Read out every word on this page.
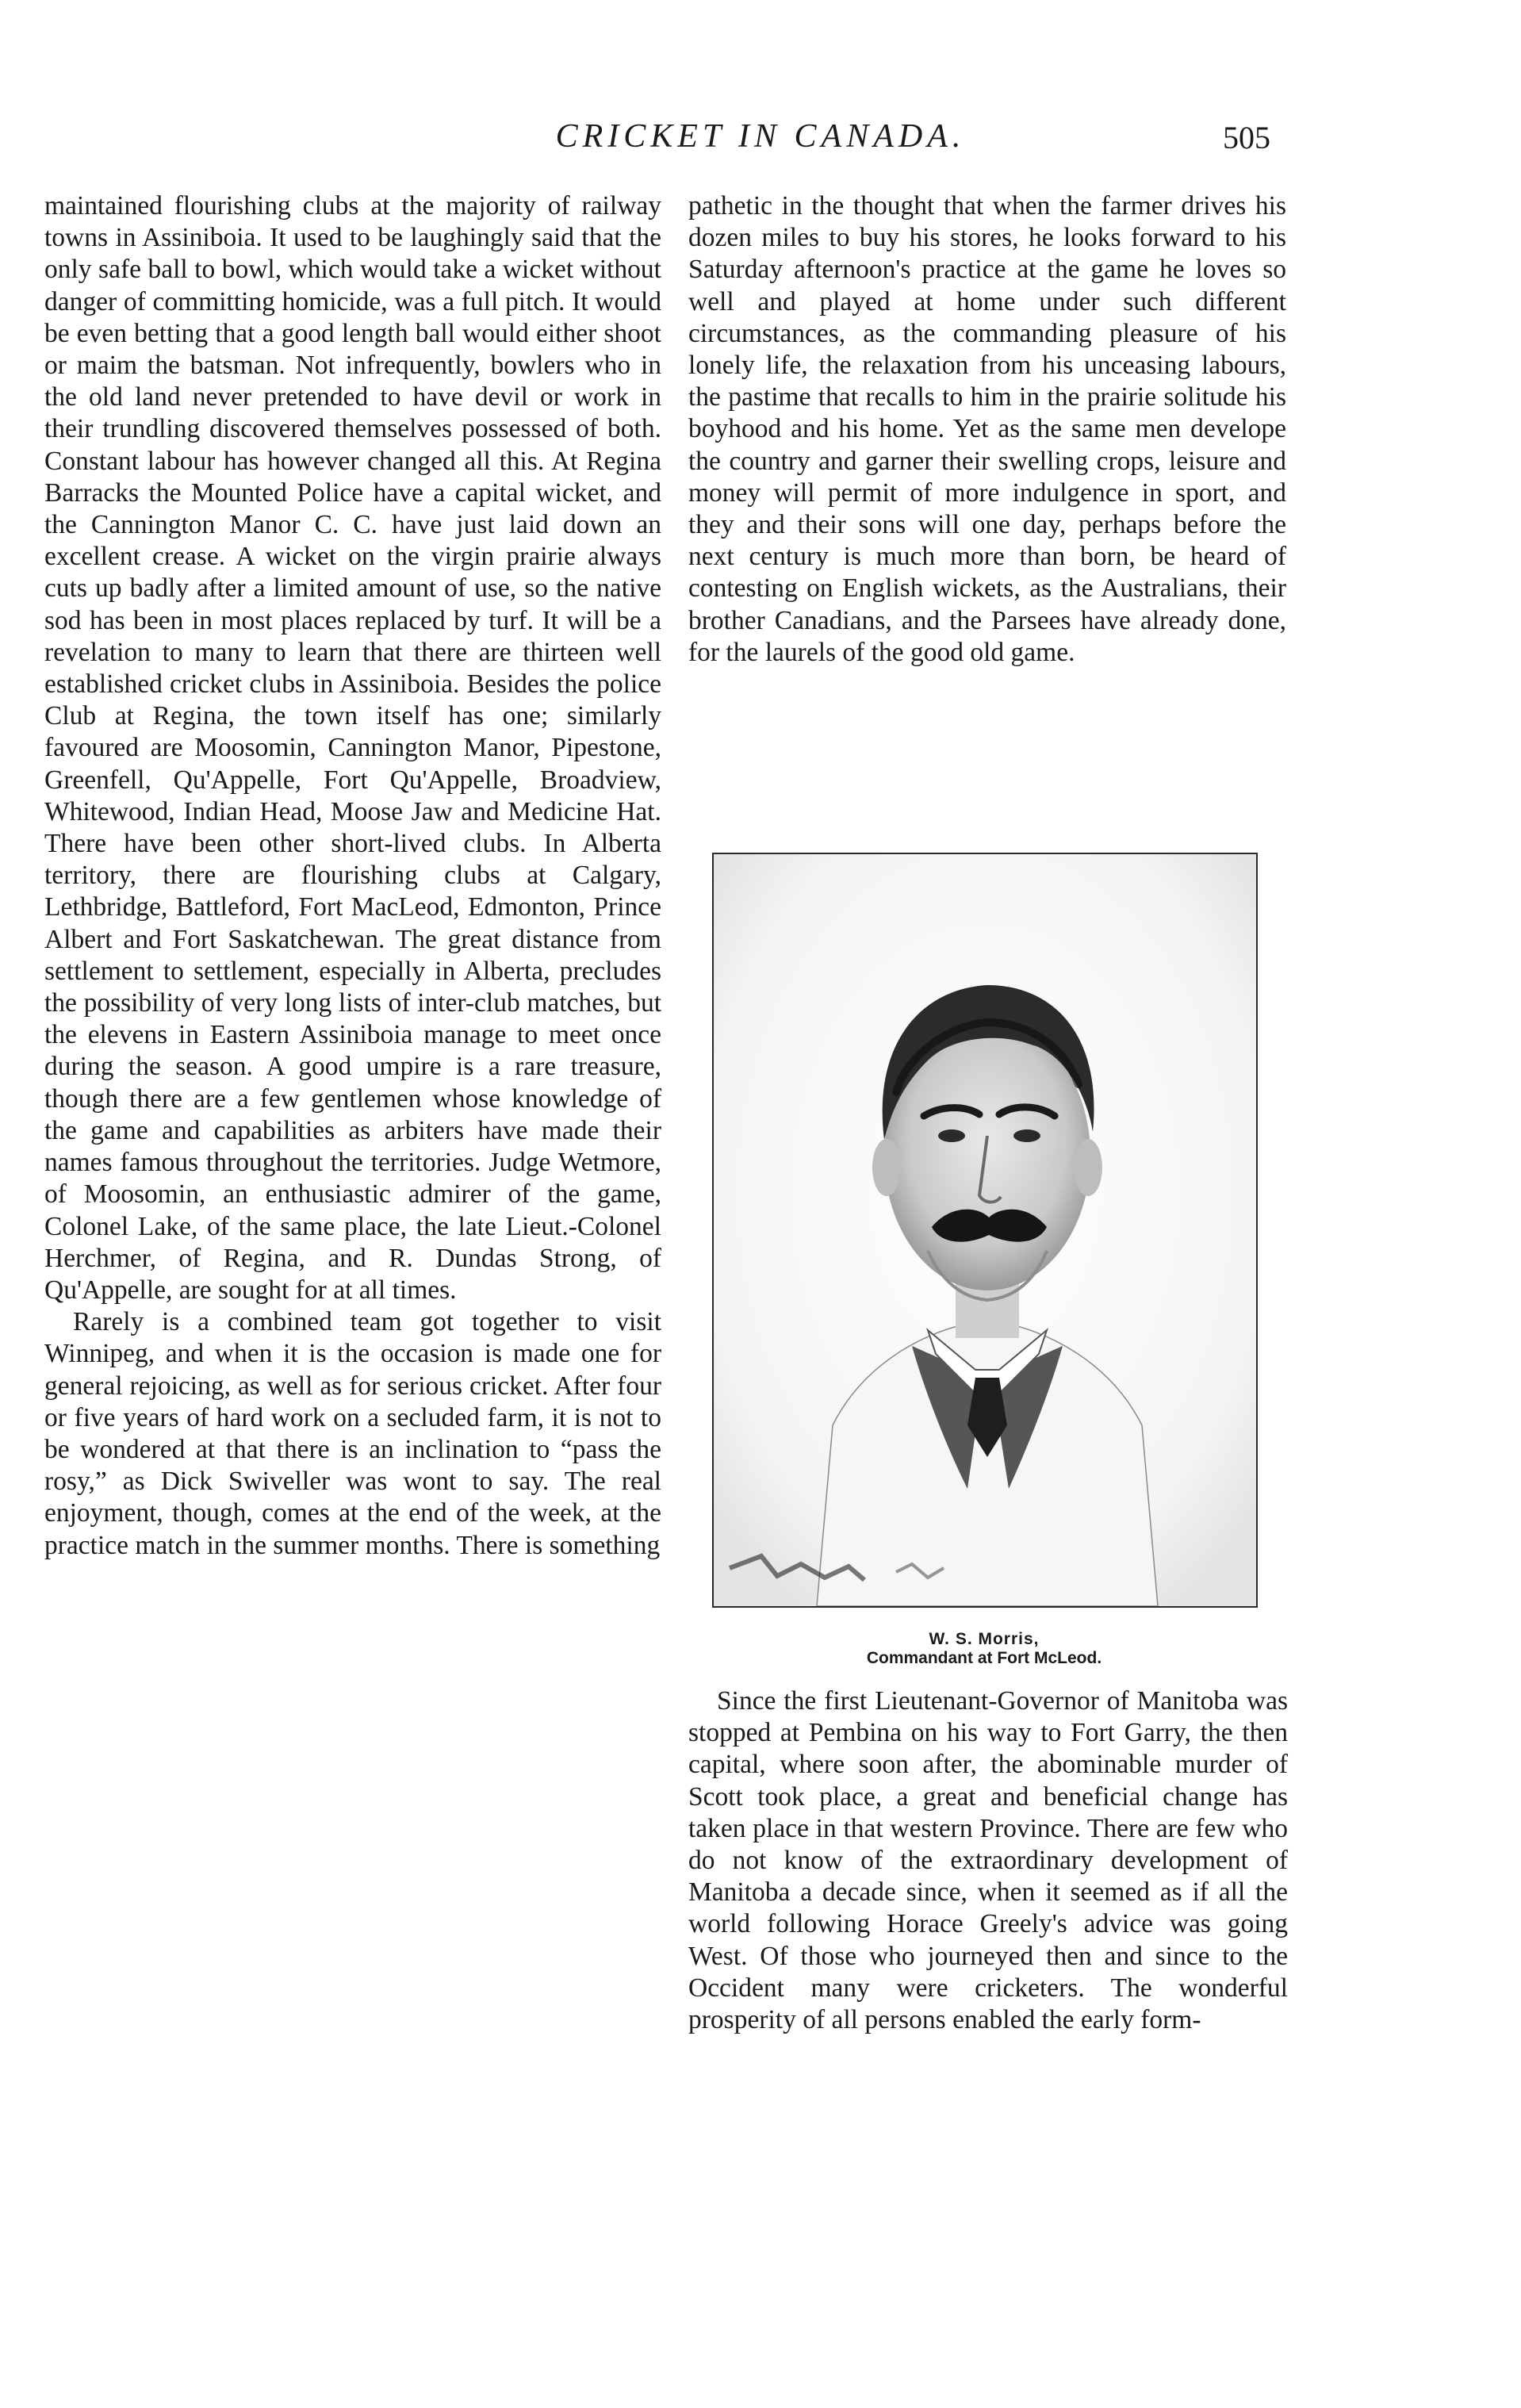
CRICKET IN CANADA.	505

maintained flourishing clubs at the majority of railway towns in Assiniboia. It used to be laughingly said that the only safe ball to bowl, which would take a wicket without danger of committing homicide, was a full pitch. It would be even betting that a good length ball would either shoot or maim the batsman. Not infrequently, bowlers who in the old land never pretended to have devil or work in their trundling discovered themselves possessed of both. Constant labour has however changed all this. At Regina Barracks the Mounted Police have a capital wicket, and the Cannington Manor C. C. have just laid down an excellent crease. A wicket on the virgin prairie always cuts up badly after a limited amount of use, so the native sod has been in most places replaced by turf. It will be a revelation to many to learn that there are thirteen well established cricket clubs in Assiniboia. Besides the police Club at Regina, the town itself has one; similarly favoured are Moosomin, Cannington Manor, Pipestone, Greenfell, Qu'Appelle, Fort Qu'Appelle, Broadview, Whitewood, Indian Head, Moose Jaw and Medicine Hat. There have been other short-lived clubs. In Alberta territory, there are flourishing clubs at Calgary, Lethbridge, Battleford, Fort MacLeod, Edmonton, Prince Albert and Fort Saskatchewan. The great distance from settlement to settlement, especially in Alberta, precludes the possibility of very long lists of inter-club matches, but the elevens in Eastern Assiniboia manage to meet once during the season. A good umpire is a rare treasure, though there are a few gentlemen whose knowledge of the game and capabilities as arbiters have made their names famous throughout the territories. Judge Wetmore, of Moosomin, an enthusiastic admirer of the game, Colonel Lake, of the same place, the late Lieut.-Colonel Herchmer, of Regina, and R. Dundas Strong, of Qu'Appelle, are sought for at all times.

Rarely is a combined team got together to visit Winnipeg, and when it is the occasion is made one for general rejoicing, as well as for serious cricket. After four or five years of hard work on a secluded farm, it is not to be wondered at that there is an inclination to “pass the rosy,” as Dick Swiveller was wont to say. The real enjoyment, though, comes at the end of the week, at the practice match in the summer months. There is something

pathetic in the thought that when the farmer drives his dozen miles to buy his stores, he looks forward to his Saturday afternoon's practice at the game he loves so well and played at home under such different circumstances, as the commanding pleasure of his lonely life, the relaxation from his unceasing labours, the pastime that recalls to him in the prairie solitude his boyhood and his home. Yet as the same men develope the country and garner their swelling crops, leisure and money will permit of more indulgence in sport, and they and their sons will one day, perhaps before the next century is much more than born, be heard of contesting on English wickets, as the Australians, their brother Canadians, and the Parsees have already done, for the laurels of the good old game.

W. S. Morris,
Commandant at Fort McLeod.

Since the first Lieutenant-Governor of Manitoba was stopped at Pembina on his way to Fort Garry, the then capital, where soon after, the abominable murder of Scott took place, a great and beneficial change has taken place in that western Province. There are few who do not know of the extraordinary development of Manitoba a decade since, when it seemed as if all the world following Horace Greely's advice was going West. Of those who journeyed then and since to the Occident many were cricketers. The wonderful prosperity of all persons enabled the early form-
